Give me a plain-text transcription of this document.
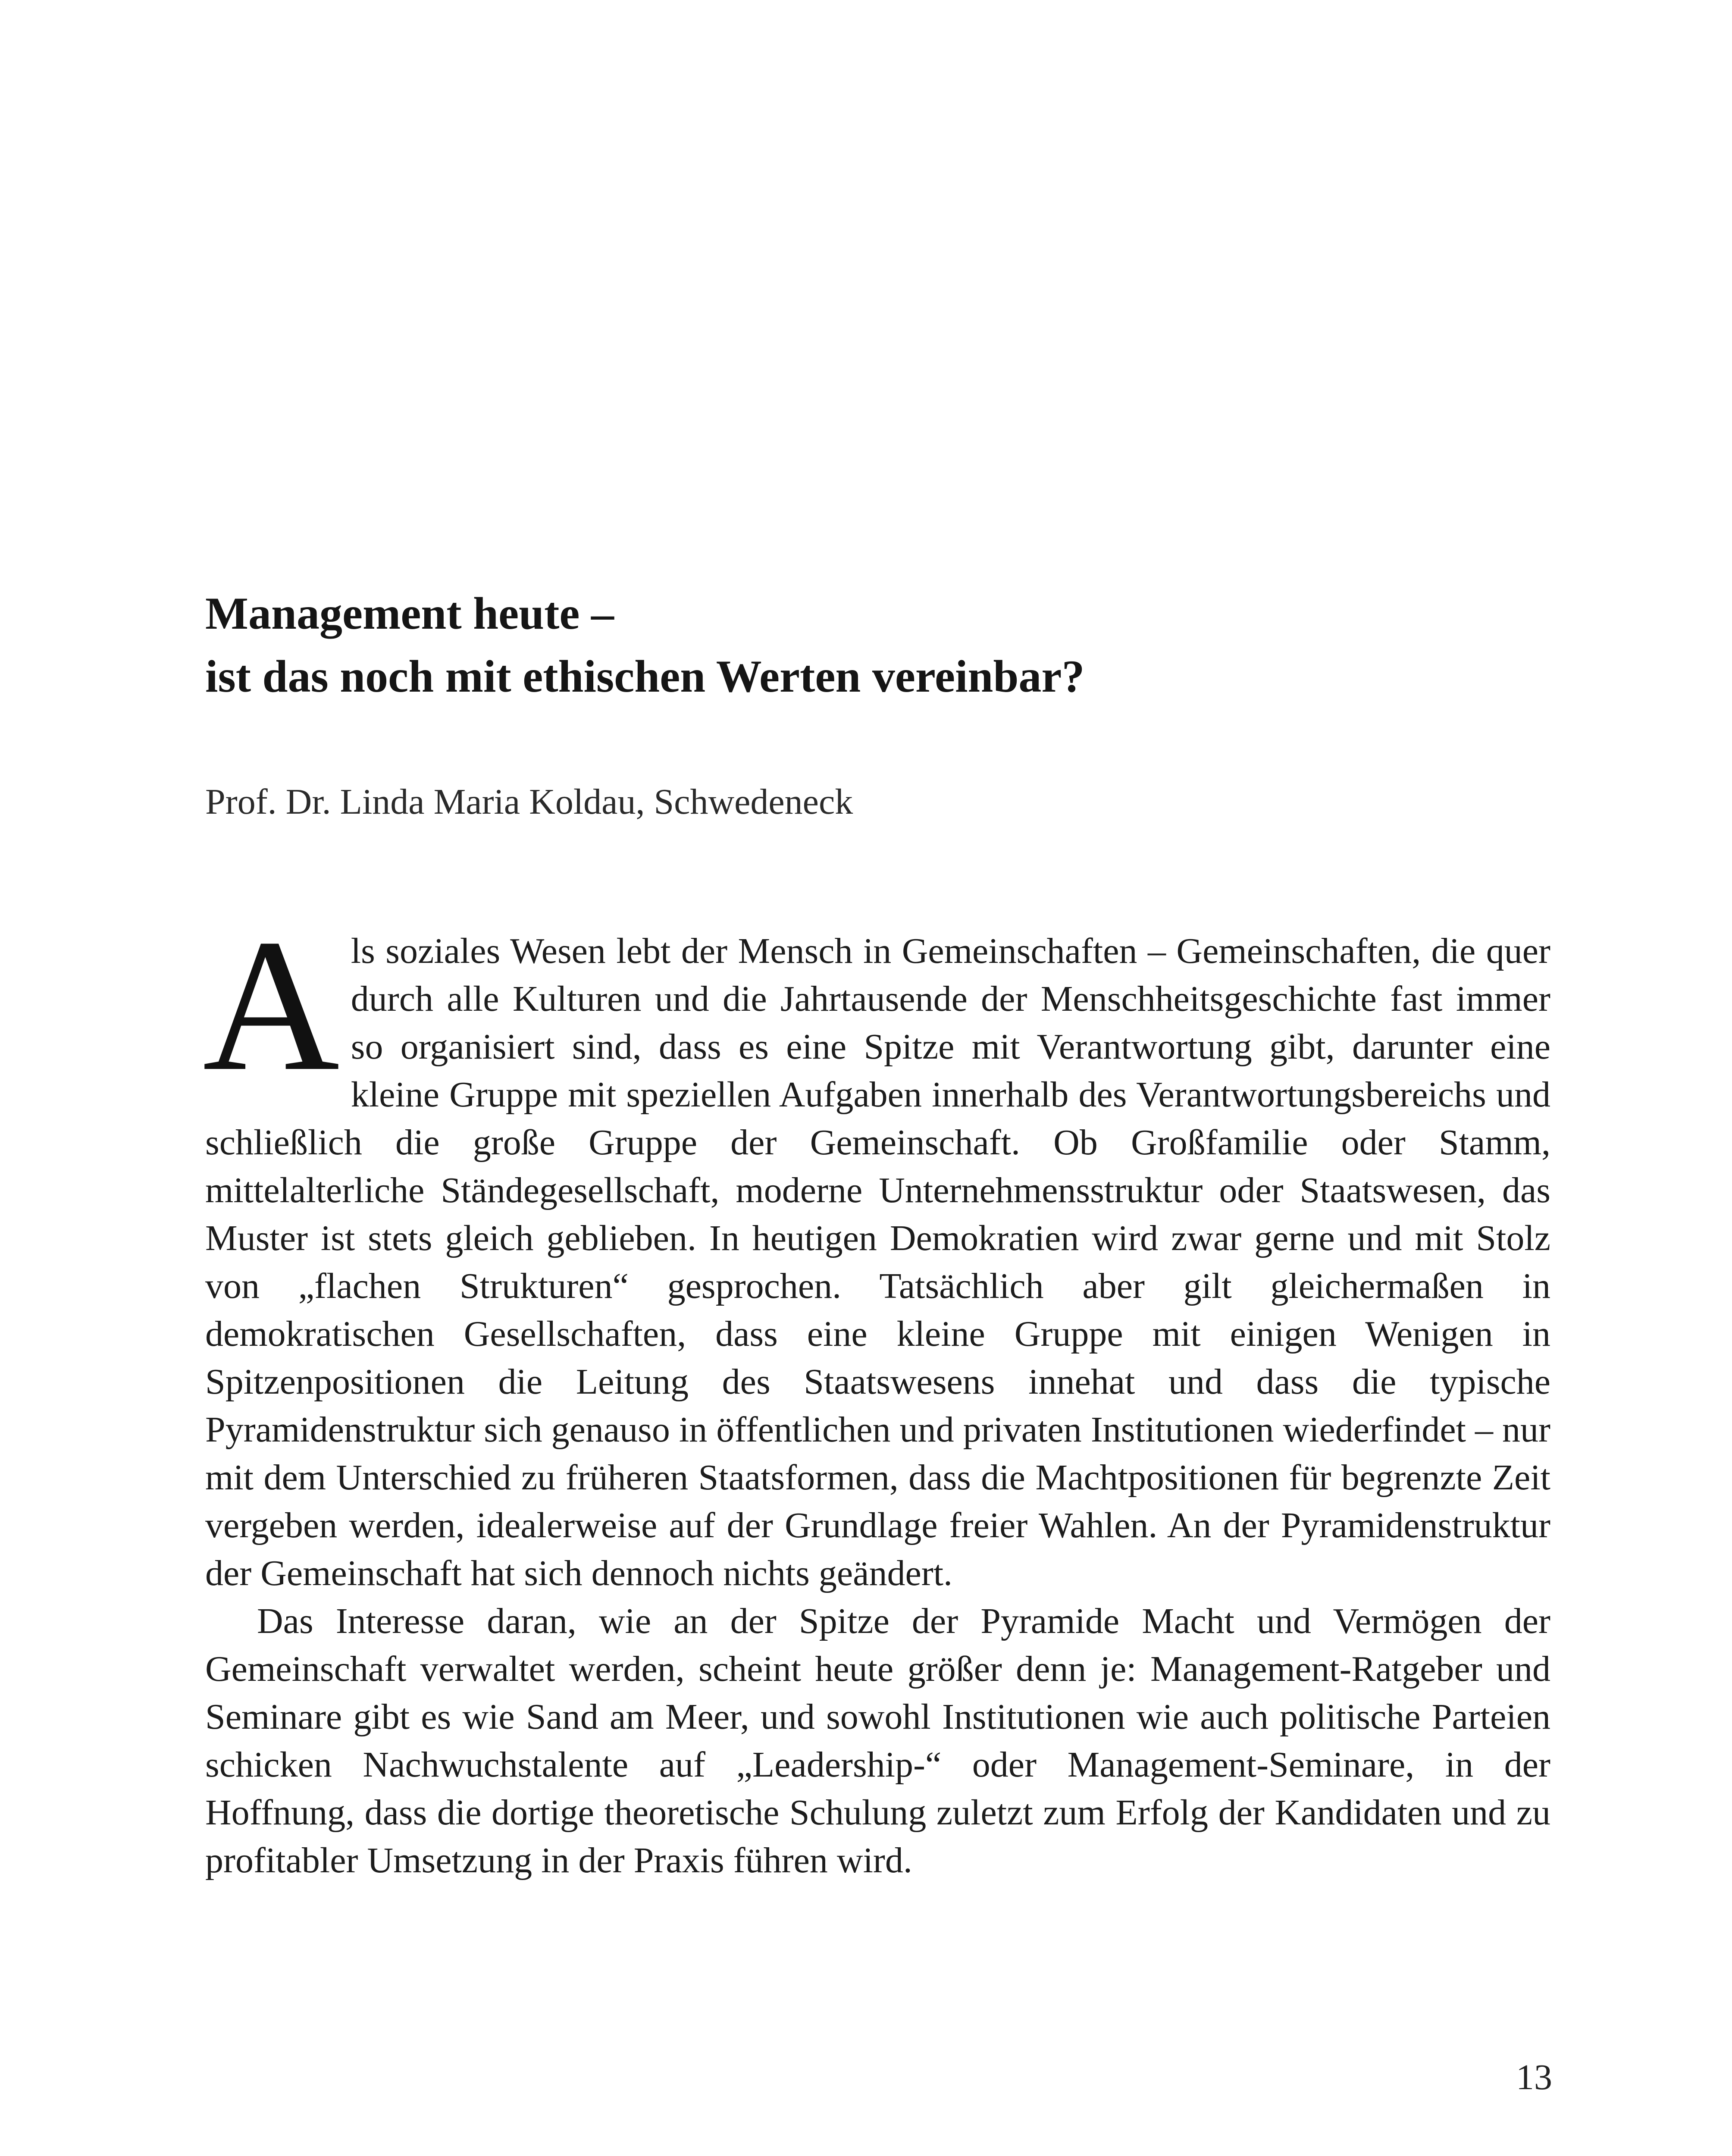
Management heute –
ist das noch mit ethischen Werten vereinbar?

Prof. Dr. Linda Maria Koldau, Schwedeneck

Als soziales Wesen lebt der Mensch in Gemeinschaften – Gemeinschaften, die quer durch alle Kulturen und die Jahrtausende der Menschheitsgeschichte fast immer so organisiert sind, dass es eine Spitze mit Verantwortung gibt, darunter eine kleine Gruppe mit speziellen Aufgaben innerhalb des Verantwortungsbereichs und schließlich die große Gruppe der Gemeinschaft. Ob Großfamilie oder Stamm, mittelalterliche Ständegesellschaft, moderne Unternehmensstruktur oder Staatswesen, das Muster ist stets gleich geblieben. In heutigen Demokratien wird zwar gerne und mit Stolz von „flachen Strukturen“ gesprochen. Tatsächlich aber gilt gleichermaßen in demokratischen Gesellschaften, dass eine kleine Gruppe mit einigen Wenigen in Spitzenpositionen die Leitung des Staatswesens innehat und dass die typische Pyramidenstruktur sich genauso in öffentlichen und privaten Institutionen wiederfindet – nur mit dem Unterschied zu früheren Staatsformen, dass die Machtpositionen für begrenzte Zeit vergeben werden, idealerweise auf der Grundlage freier Wahlen. An der Pyramidenstruktur der Gemeinschaft hat sich dennoch nichts geändert.

Das Interesse daran, wie an der Spitze der Pyramide Macht und Vermögen der Gemeinschaft verwaltet werden, scheint heute größer denn je: Management-Ratgeber und Seminare gibt es wie Sand am Meer, und sowohl Institutionen wie auch politische Parteien schicken Nachwuchstalente auf „Leadership-“ oder Management-Seminare, in der Hoffnung, dass die dortige theoretische Schulung zuletzt zum Erfolg der Kandidaten und zu profitabler Umsetzung in der Praxis führen wird.

13
